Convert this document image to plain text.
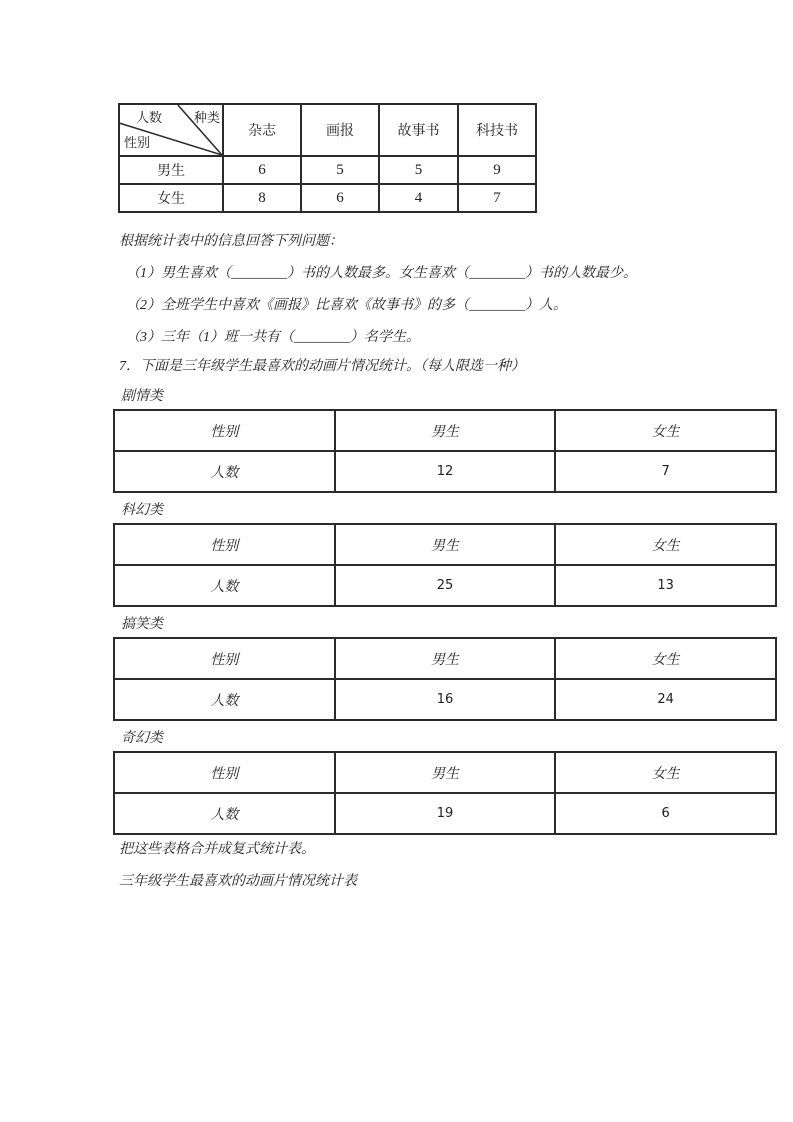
人数 种类
性别	杂志	画报	故事书	科技书
男生	6	5	5	9
女生	8	6	4	7

根据统计表中的信息回答下列问题：

（1）男生喜欢（________）书的人数最多。女生喜欢（________）书的人数最少。

（2）全班学生中喜欢《画报》比喜欢《故事书》的多（________）人。

（3）三年（1）班一共有（________）名学生。

7．下面是三年级学生最喜欢的动画片情况统计。（每人限选一种）

剧情类

性别	男生	女生
人数	12	7

科幻类

性别	男生	女生
人数	25	13

搞笑类

性别	男生	女生
人数	16	24

奇幻类

性别	男生	女生
人数	19	6

把这些表格合并成复式统计表。

三年级学生最喜欢的动画片情况统计表
